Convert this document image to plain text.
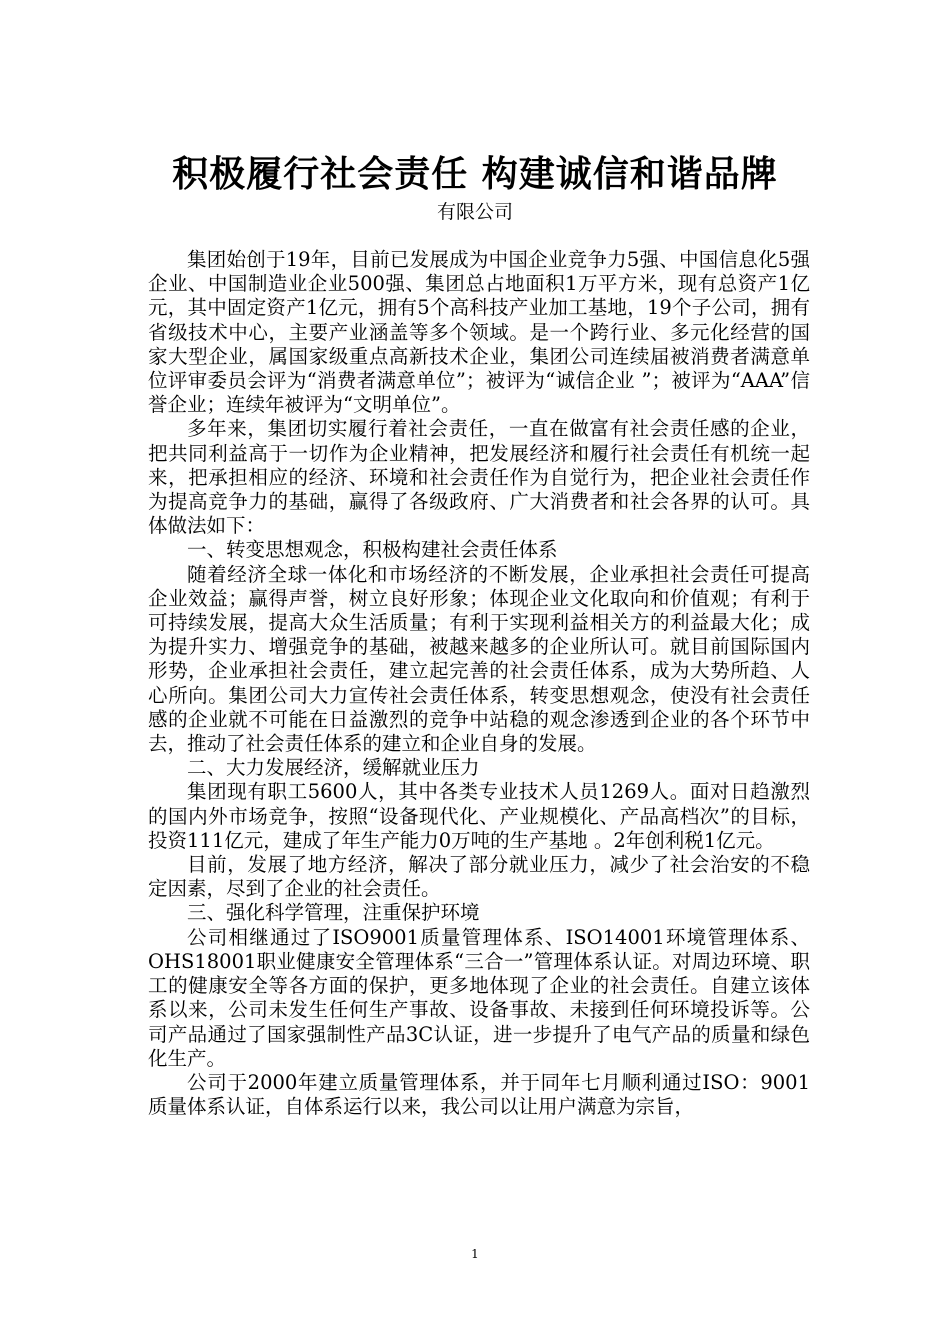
积极履行社会责任 构建诚信和谐品牌
有限公司

集团始创于19年，目前已发展成为中国企业竞争力5强、中国信息化5强企业、中国制造业企业500强、集团总占地面积1万平方米，现有总资产1亿元，其中固定资产1亿元，拥有5个高科技产业加工基地，19个子公司，拥有省级技术中心，主要产业涵盖等多个领域。是一个跨行业、多元化经营的国家大型企业，属国家级重点高新技术企业，集团公司连续届被消费者满意单位评审委员会评为“消费者满意单位”；被评为“诚信企业 ”；被评为“AAA”信誉企业；连续年被评为“文明单位”。

多年来，集团切实履行着社会责任，一直在做富有社会责任感的企业，把共同利益高于一切作为企业精神，把发展经济和履行社会责任有机统一起来，把承担相应的经济、环境和社会责任作为自觉行为，把企业社会责任作为提高竞争力的基础，赢得了各级政府、广大消费者和社会各界的认可。具体做法如下：

一、转变思想观念，积极构建社会责任体系

随着经济全球一体化和市场经济的不断发展，企业承担社会责任可提高企业效益；赢得声誉，树立良好形象；体现企业文化取向和价值观；有利于可持续发展，提高大众生活质量；有利于实现利益相关方的利益最大化；成为提升实力、增强竞争的基础，被越来越多的企业所认可。就目前国际国内形势，企业承担社会责任，建立起完善的社会责任体系，成为大势所趋、人心所向。集团公司大力宣传社会责任体系，转变思想观念，使没有社会责任感的企业就不可能在日益激烈的竞争中站稳的观念渗透到企业的各个环节中去，推动了社会责任体系的建立和企业自身的发展。

二、大力发展经济，缓解就业压力

集团现有职工5600人，其中各类专业技术人员1269人。面对日趋激烈的国内外市场竞争，按照“设备现代化、产业规模化、产品高档次”的目标，投资111亿元，建成了年生产能力0万吨的生产基地 。2年创利税1亿元。

目前，发展了地方经济，解决了部分就业压力，减少了社会治安的不稳定因素，尽到了企业的社会责任。

三、强化科学管理，注重保护环境

公司相继通过了ISO9001质量管理体系、ISO14001环境管理体系、OHS18001职业健康安全管理体系“三合一”管理体系认证。对周边环境、职工的健康安全等各方面的保护，更多地体现了企业的社会责任。自建立该体系以来，公司未发生任何生产事故、设备事故、未接到任何环境投诉等。公司产品通过了国家强制性产品3C认证，进一步提升了电气产品的质量和绿色化生产。

公司于2000年建立质量管理体系，并于同年七月顺利通过ISO：9001质量体系认证，自体系运行以来，我公司以让用户满意为宗旨，

1
